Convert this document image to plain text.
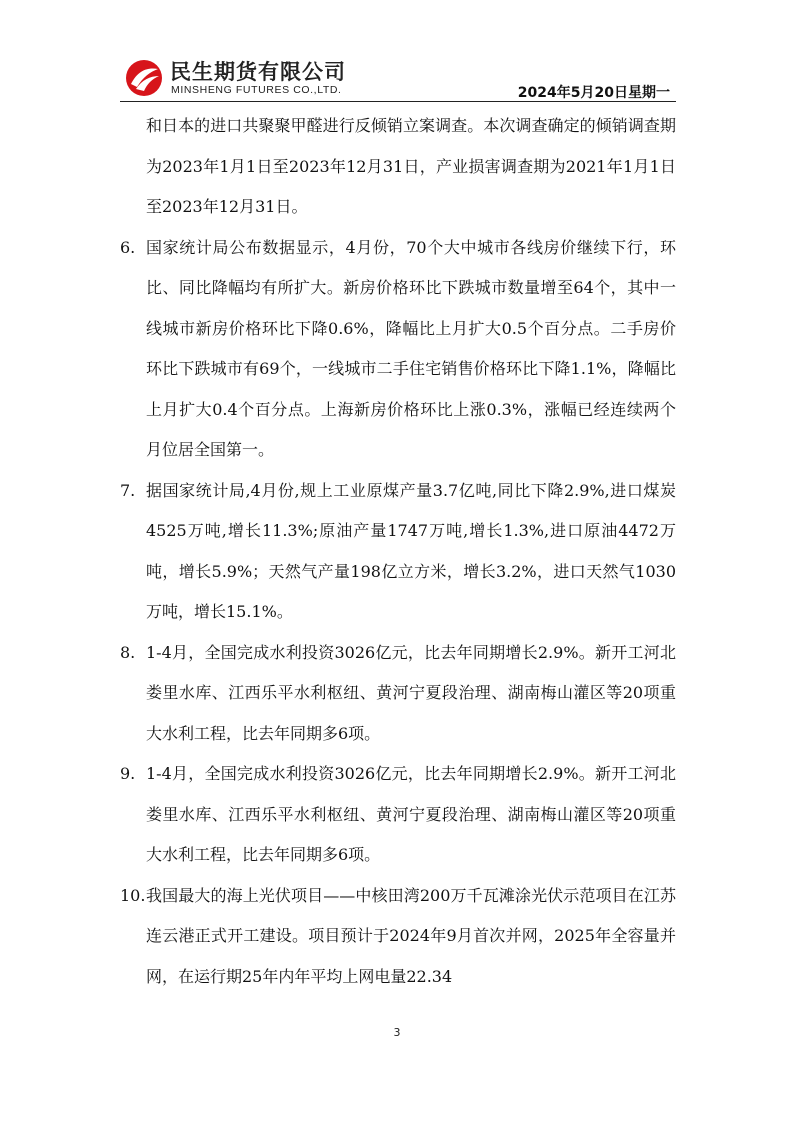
民生期货有限公司
MINSHENG FUTURES CO.,LTD.	2024年5月20日星期一
和日本的进口共聚聚甲醛进行反倾销立案调查。本次调查确定的倾销调查期为2023年1月1日至2023年12月31日，产业损害调查期为2021年1月1日至2023年12月31日。
6. 国家统计局公布数据显示，4月份，70个大中城市各线房价继续下行，环比、同比降幅均有所扩大。新房价格环比下跌城市数量增至64个，其中一线城市新房价格环比下降0.6%，降幅比上月扩大0.5个百分点。二手房价环比下跌城市有69个，一线城市二手住宅销售价格环比下降1.1%，降幅比上月扩大0.4个百分点。上海新房价格环比上涨0.3%，涨幅已经连续两个月位居全国第一。
7. 据国家统计局,4月份,规上工业原煤产量3.7亿吨,同比下降2.9%,进口煤炭4525万吨,增长11.3%;原油产量1747万吨,增长1.3%,进口原油4472万吨，增长5.9%；天然气产量198亿立方米，增长3.2%，进口天然气1030万吨，增长15.1%。
8. 1-4月，全国完成水利投资3026亿元，比去年同期增长2.9%。新开工河北娄里水库、江西乐平水利枢纽、黄河宁夏段治理、湖南梅山灌区等20项重大水利工程，比去年同期多6项。
9. 1-4月，全国完成水利投资3026亿元，比去年同期增长2.9%。新开工河北娄里水库、江西乐平水利枢纽、黄河宁夏段治理、湖南梅山灌区等20项重大水利工程，比去年同期多6项。
10. 我国最大的海上光伏项目——中核田湾200万千瓦滩涂光伏示范项目在江苏连云港正式开工建设。项目预计于2024年9月首次并网，2025年全容量并网，在运行期25年内年平均上网电量22.34
3
